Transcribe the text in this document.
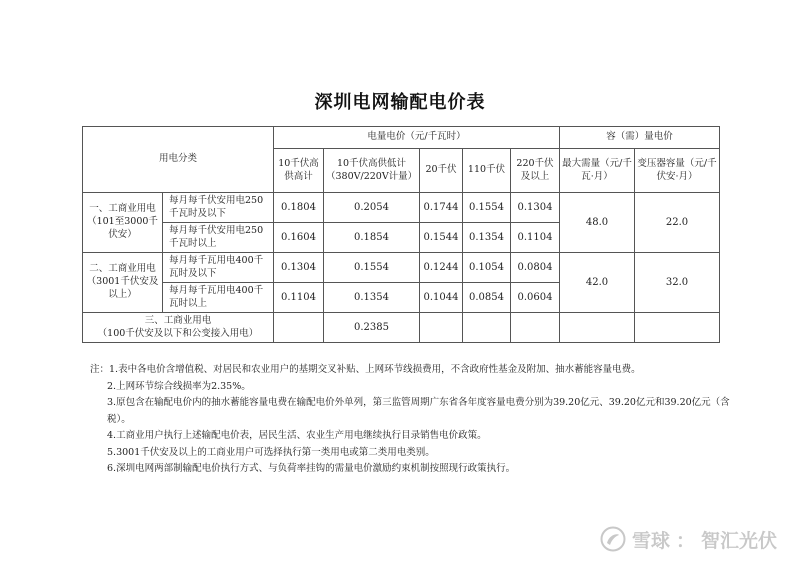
深圳电网输配电价表
用电分类		电量电价（元/千瓦时）					容（需）量电价	
		10千伏高供高计	10千伏高供低计（380V/220V计量）	20千伏	110千伏	220千伏及以上	最大需量（元/千瓦·月）	变压器容量（元/千伏安·月）
一、工商业用电（101至3000千伏安）	每月每千伏安用电250千瓦时及以下	0.1804	0.2054	0.1744	0.1554	0.1304	48.0	22.0
	每月每千伏安用电250千瓦时以上	0.1604	0.1854	0.1544	0.1354	0.1104		
二、工商业用电（3001千伏安及以上）	每月每千瓦用电400千瓦时及以下	0.1304	0.1554	0.1244	0.1054	0.0804	42.0	32.0
	每月每千瓦用电400千瓦时以上	0.1104	0.1354	0.1044	0.0854	0.0604		

三、工商业用电
（100千伏安及以下和公变接入用电）			0.2385					
注：1.表中各电价含增值税、对居民和农业用户的基期交叉补贴、上网环节线损费用，不含政府性基金及附加、抽水蓄能容量电费。
2.上网环节综合线损率为2.35%。
3.原包含在输配电价内的抽水蓄能容量电费在输配电价外单列，第三监管周期广东省各年度容量电费分别为39.20亿元、39.20亿元和39.20亿元（含税）。
4.工商业用户执行上述输配电价表，居民生活、农业生产用电继续执行目录销售电价政策。
5.3001千伏安及以上的工商业用户可选择执行第一类用电或第二类用电类别。
6.深圳电网两部制输配电价执行方式、与负荷率挂钩的需量电价激励约束机制按照现行政策执行。
雪球 ： 智汇光伏
